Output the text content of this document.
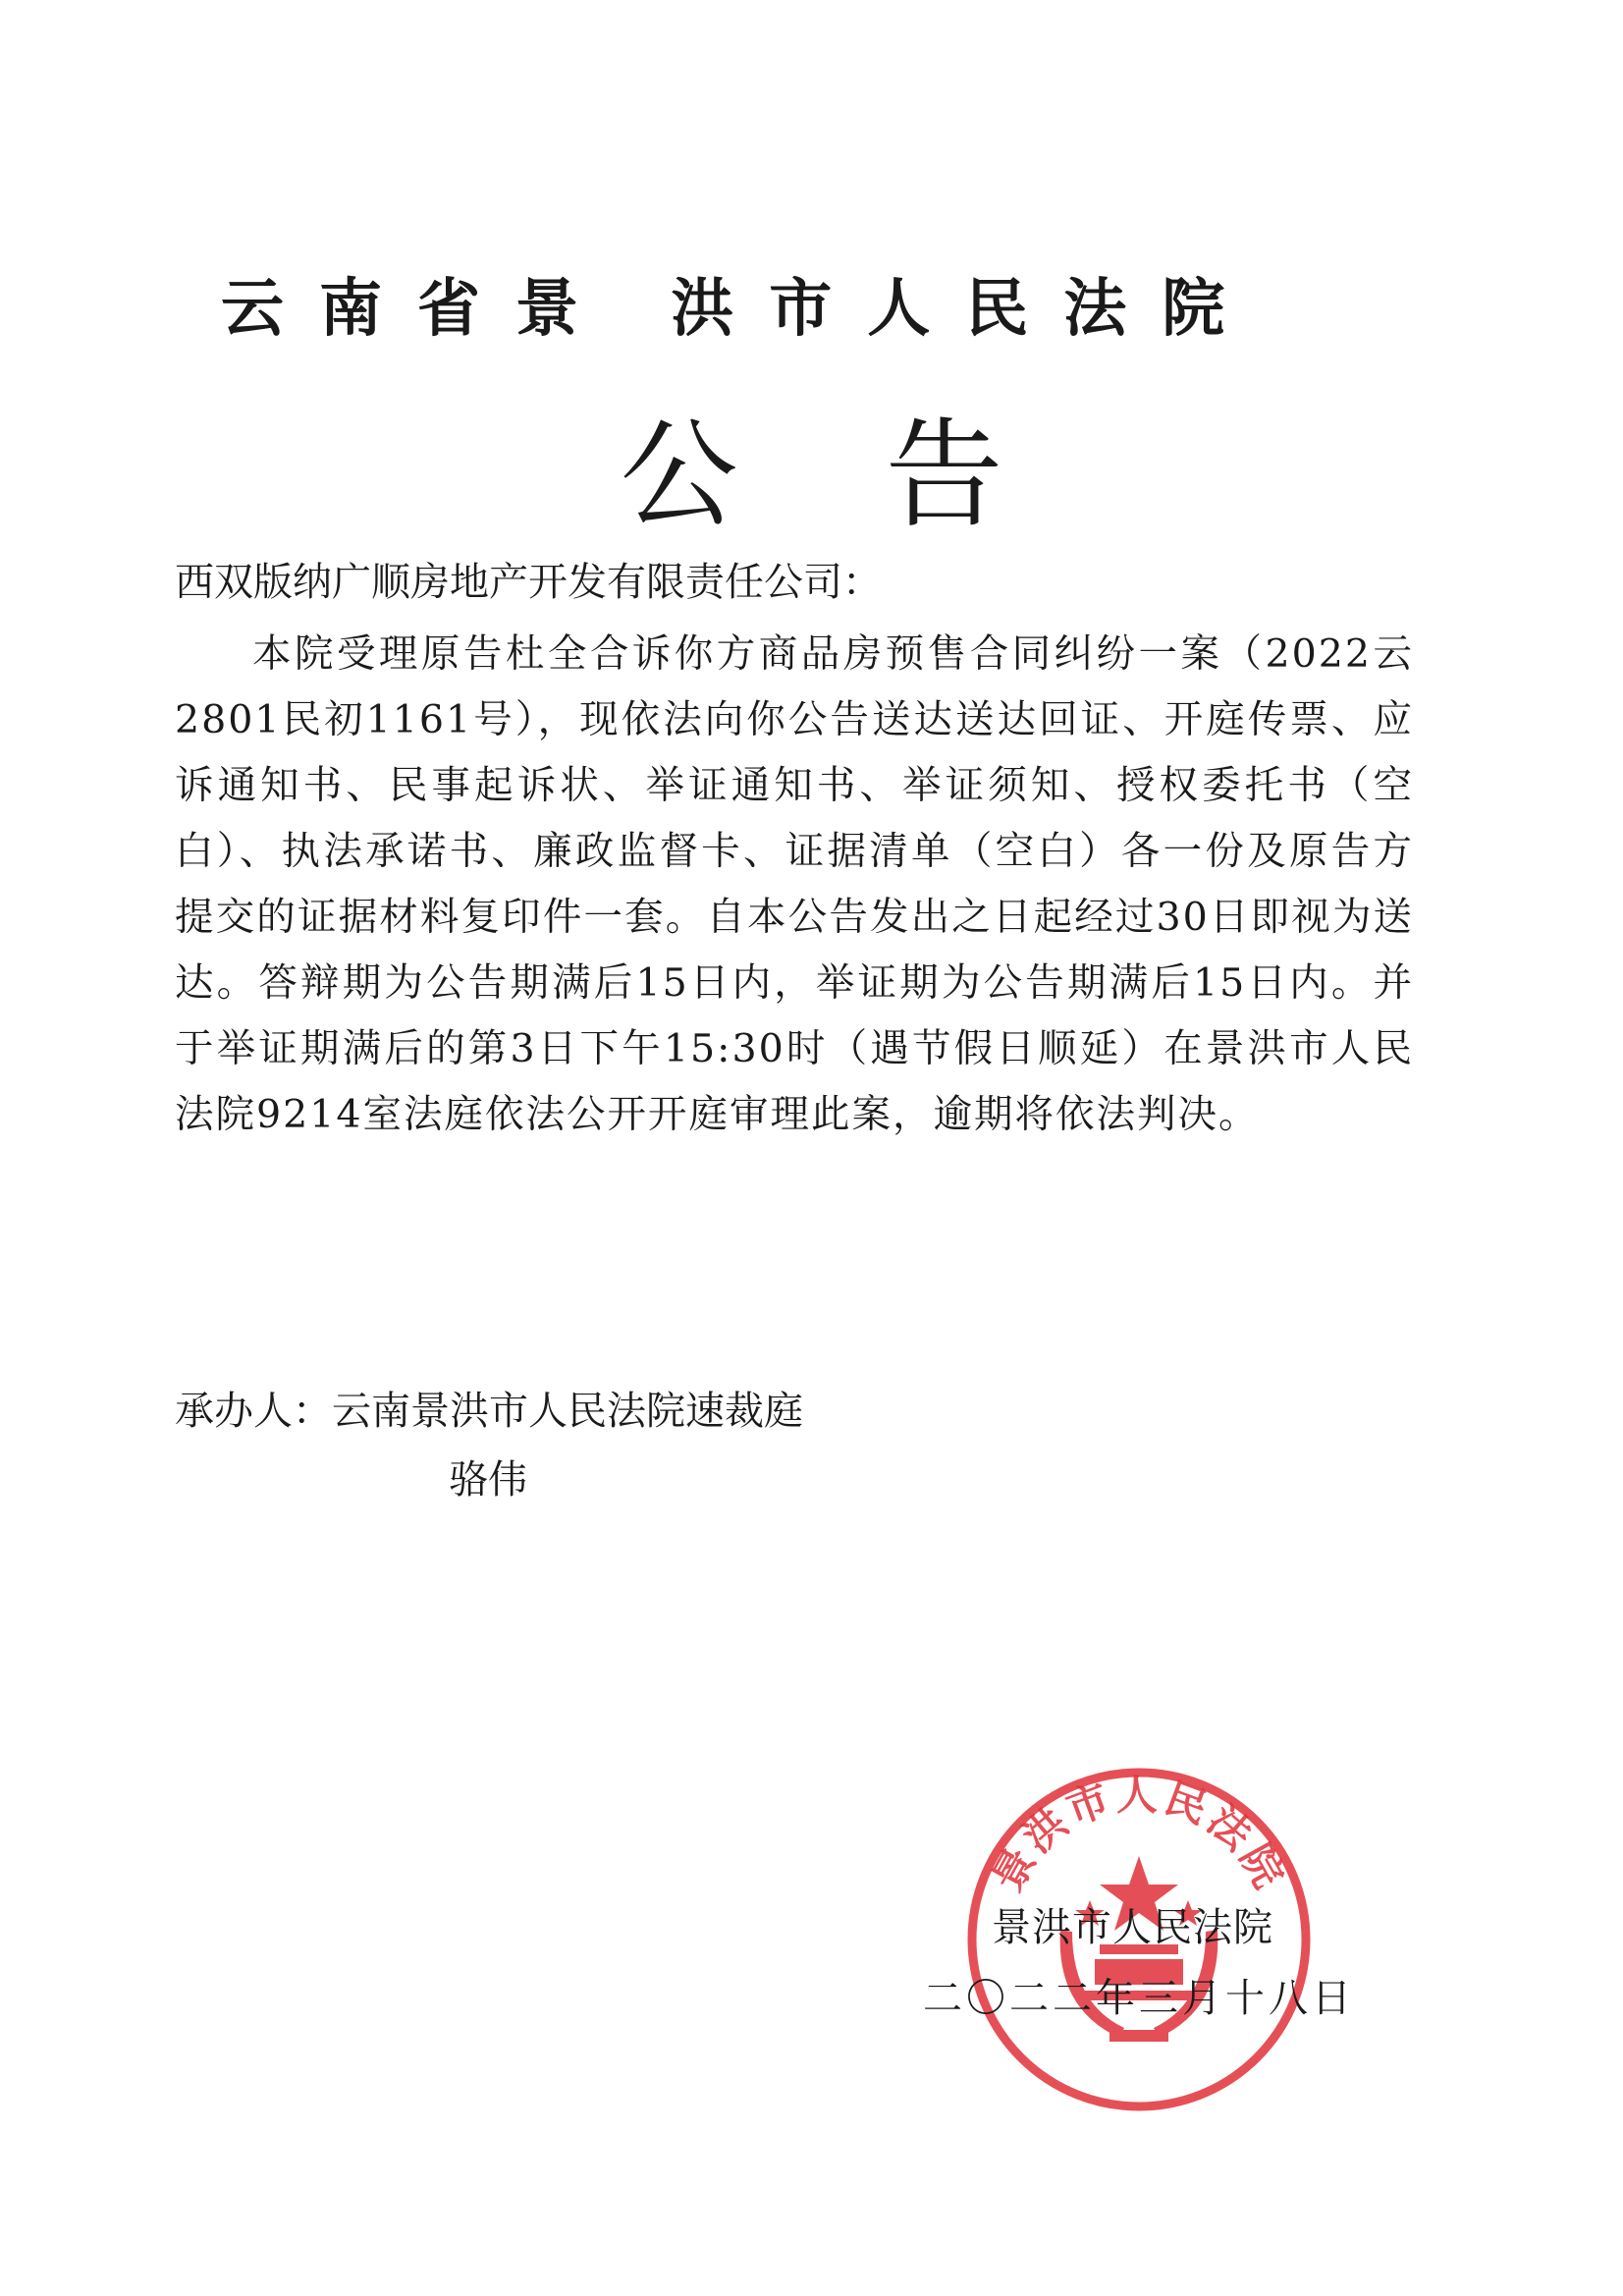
云南省景 洪市人民法院
公告
西双版纳广顺房地产开发有限责任公司：

本院受理原告杜全合诉你方商品房预售合同纠纷一案（2022云2801民初1161号），现依法向你公告送达送达回证、开庭传票、应诉通知书、民事起诉状、举证通知书、举证须知、授权委托书（空白）、执法承诺书、廉政监督卡、证据清单（空白）各一份及原告方提交的证据材料复印件一套。自本公告发出之日起经过30日即视为送达。答辩期为公告期满后15日内，举证期为公告期满后15日内。并于举证期满后的第3日下午15:30时（遇节假日顺延）在景洪市人民法院9214室法庭依法公开开庭审理此案，逾期将依法判决。

承办人：云南景洪市人民法院速裁庭
骆伟
景洪市人民法院
景洪市人民法院
二〇二二年三月十八日
